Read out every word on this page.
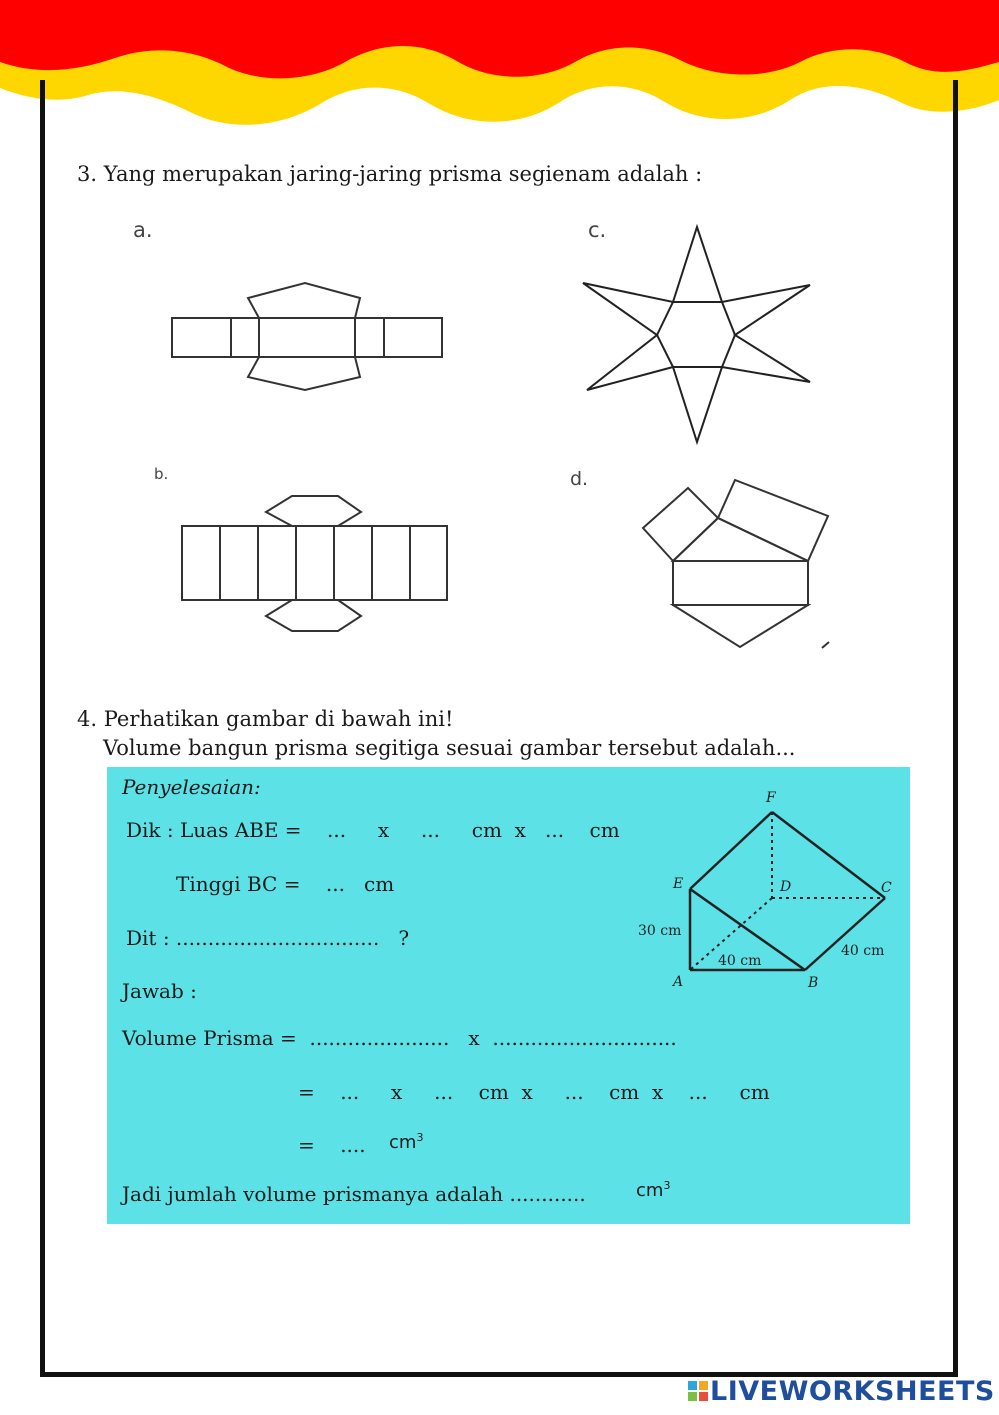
3. Yang merupakan jaring-jaring prisma segienam adalah :
a.	c.
b.	d.
4. Perhatikan gambar di bawah ini!
Volume bangun prisma segitiga sesuai gambar tersebut adalah...
Penyelesaian:
Dik : Luas ABE =    ...     x     ...     cm  x   ...    cm
Tinggi BC =    ...   cm
Dit : ................................   ?
Jawab :
Volume Prisma =  ......................   x  .............................
=    ...     x     ...    cm  x     ...    cm  x    ...     cm
=    .... $cm^3$
Jadi jumlah volume prismanya adalah ............	$cm^3$
F
E	D	C
A	B
30 cm
40 cm
40 cm
LIVEWORKSHEETS
